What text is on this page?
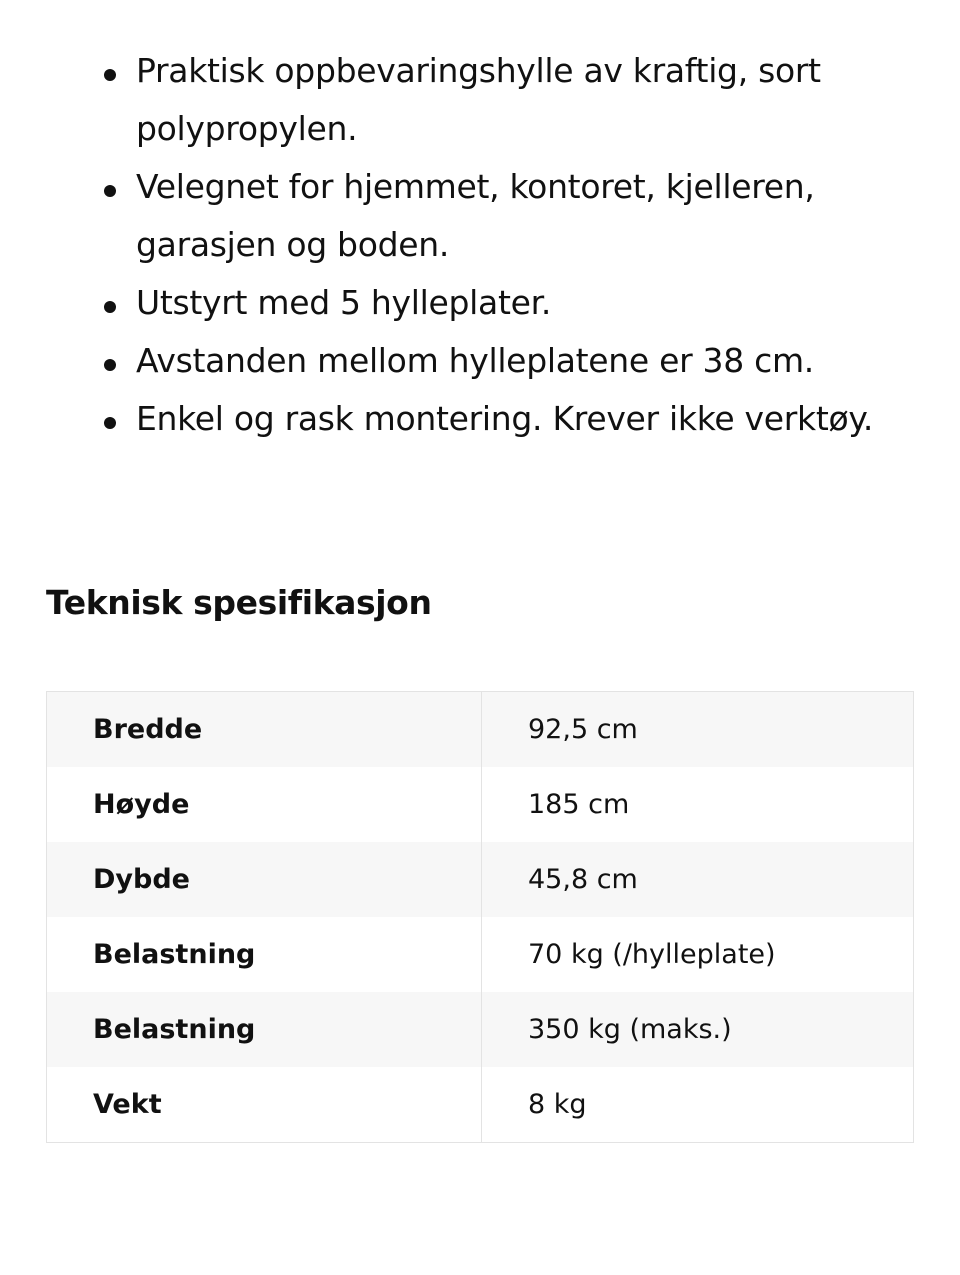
Praktisk oppbevaringshylle av kraftig, sort polypropylen.
Velegnet for hjemmet, kontoret, kjelleren, garasjen og boden.
Utstyrt med 5 hylleplater.
Avstanden mellom hylleplatene er 38 cm.
Enkel og rask montering. Krever ikke verktøy.
Teknisk spesifikasjon
Bredde	92,5 cm
Høyde	185 cm
Dybde	45,8 cm
Belastning	70 kg (/hylleplate)
Belastning	350 kg (maks.)
Vekt	8 kg
